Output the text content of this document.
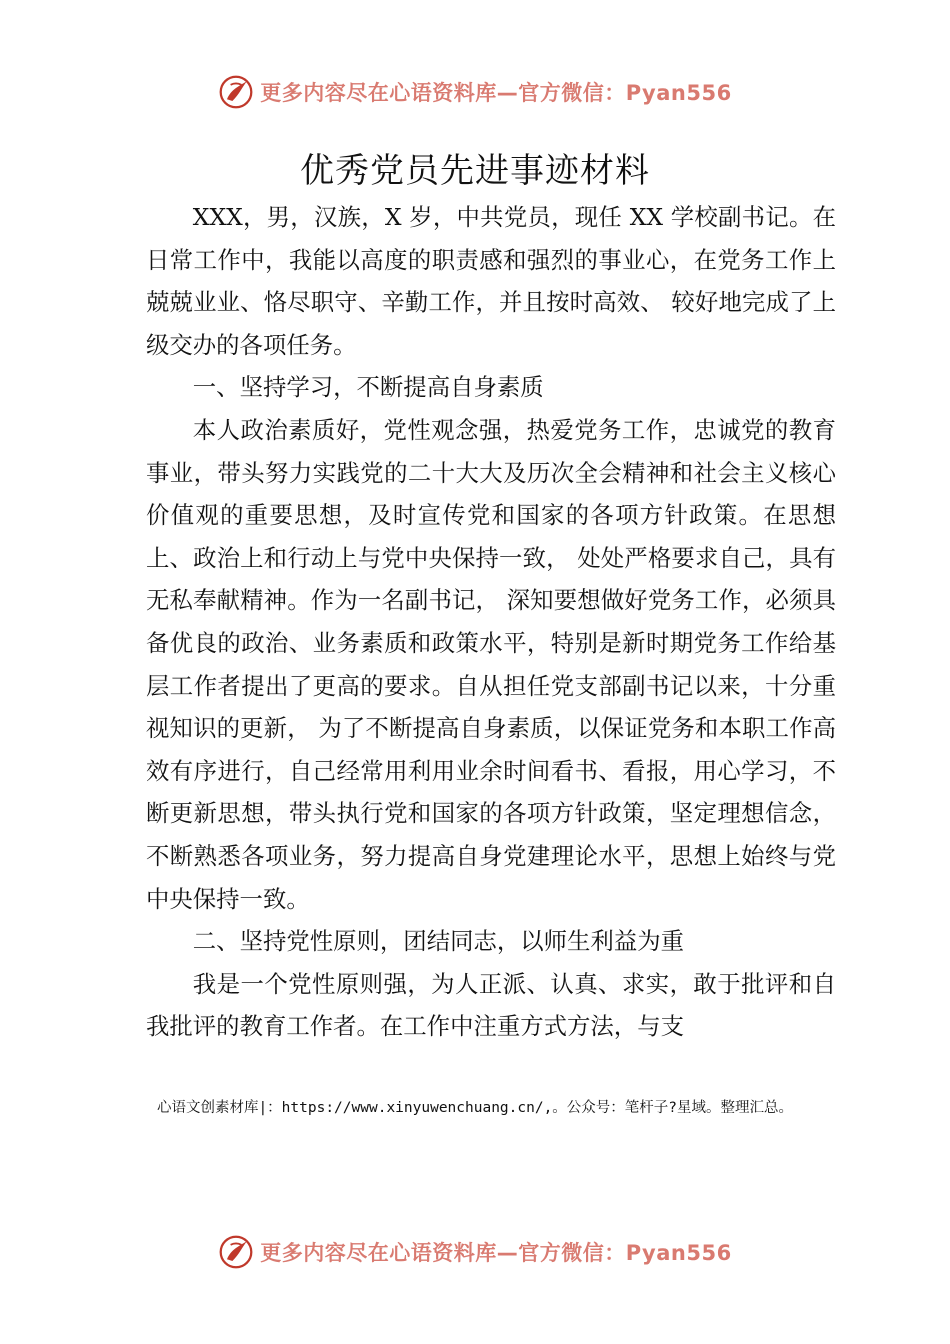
更多内容尽在心语资料库—官方微信：Pyan556
优秀党员先进事迹材料

XXX，男，汉族，X 岁，中共党员，现任 XX 学校副书记。在日常工作中，我能以高度的职责感和强烈的事业心，在党务工作上兢兢业业、恪尽职守、辛勤工作，并且按时高效、 较好地完成了上级交办的各项任务。

一、坚持学习，不断提高自身素质

本人政治素质好，党性观念强，热爱党务工作，忠诚党的教育事业，带头努力实践党的二十大大及历次全会精神和社会主义核心价值观的重要思想，及时宣传党和国家的各项方针政策。在思想上、政治上和行动上与党中央保持一致， 处处严格要求自己，具有无私奉献精神。作为一名副书记， 深知要想做好党务工作，必须具备优良的政治、业务素质和政策水平，特别是新时期党务工作给基层工作者提出了更高的要求。自从担任党支部副书记以来，十分重视知识的更新， 为了不断提高自身素质，以保证党务和本职工作高效有序进行，自己经常用利用业余时间看书、看报，用心学习，不断更新思想，带头执行党和国家的各项方针政策，坚定理想信念，不断熟悉各项业务，努力提高自身党建理论水平，思想上始终与党中央保持一致。

二、坚持党性原则，团结同志，以师生利益为重

我是一个党性原则强，为人正派、认真、求实，敢于批评和自我批评的教育工作者。在工作中注重方式方法，与支

心语文创素材库|：https://www.xinyuwenchuang.cn/,。公众号：笔杆子?星域。整理汇总。
更多内容尽在心语资料库—官方微信：Pyan556
